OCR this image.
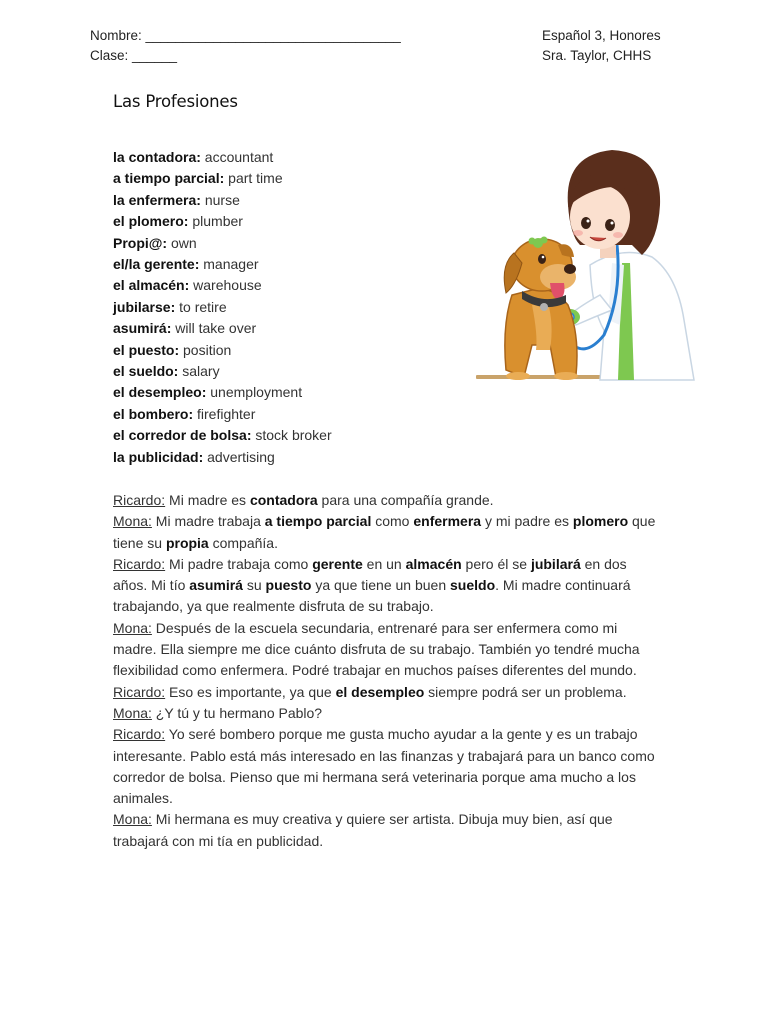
Nombre: __________________________________
Clase: ______
Español 3, Honores
Sra. Taylor, CHHS
Las Profesiones
la contadora: accountant
a tiempo parcial: part time
la enfermera: nurse
el plomero: plumber
Propi@: own
el/la gerente: manager
el almacén: warehouse
jubilarse: to retire
asumirá: will take over
el puesto: position
el sueldo: salary
el desempleo: unemployment
el bombero: firefighter
el corredor de bolsa: stock broker
la publicidad: advertising

Ricardo: Mi madre es contadora para una compañía grande.

Mona: Mi madre trabaja a tiempo parcial como enfermera y mi padre es plomero que tiene su propia compañía.

Ricardo: Mi padre trabaja como gerente en un almacén pero él se jubilará en dos años. Mi tío asumirá su puesto ya que tiene un buen sueldo. Mi madre continuará trabajando, ya que realmente disfruta de su trabajo.

Mona: Después de la escuela secundaria, entrenaré para ser enfermera como mi madre. Ella siempre me dice cuánto disfruta de su trabajo. También yo tendré mucha flexibilidad como enfermera. Podré trabajar en muchos países diferentes del mundo.

Ricardo: Eso es importante, ya que el desempleo siempre podrá ser un problema.

Mona: ¿Y tú y tu hermano Pablo?

Ricardo: Yo seré bombero porque me gusta mucho ayudar a la gente y es un trabajo interesante. Pablo está más interesado en las finanzas y trabajará para un banco como corredor de bolsa. Pienso que mi hermana será veterinaria porque ama mucho a los animales.

Mona: Mi hermana es muy creativa y quiere ser artista. Dibuja muy bien, así que trabajará con mi tía en publicidad.
